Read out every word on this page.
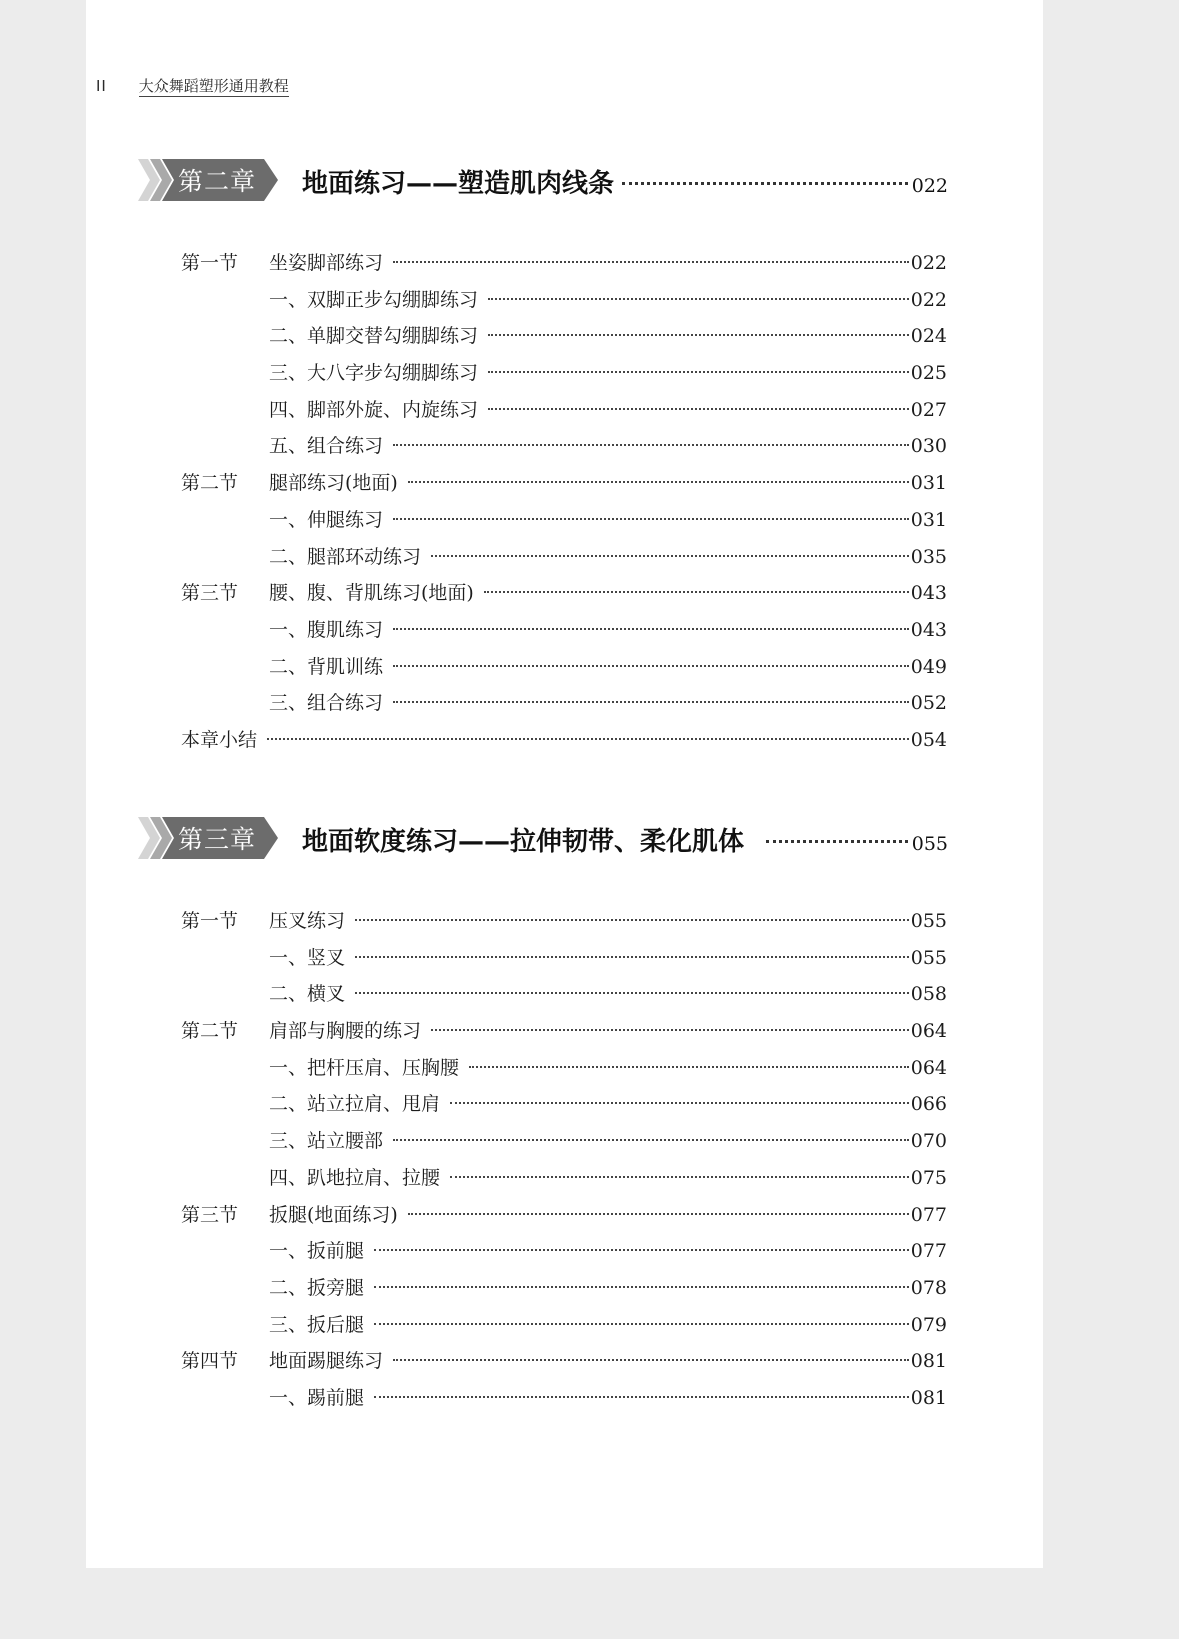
II 大众舞蹈塑形通用教程
第二章 地面练习——塑造肌肉线条	022
第一节	坐姿脚部练习	022
一、双脚正步勾绷脚练习	022
二、单脚交替勾绷脚练习	024
三、大八字步勾绷脚练习	025
四、脚部外旋、内旋练习	027
五、组合练习	030
第二节	腿部练习(地面)	031
一、伸腿练习	031
二、腿部环动练习	035
第三节	腰、腹、背肌练习(地面)	043
一、腹肌练习	043
二、背肌训练	049
三、组合练习	052
本章小结	054
第三章 地面软度练习——拉伸韧带、柔化肌体	055
第一节	压叉练习	055
一、竖叉	055
二、横叉	058
第二节	肩部与胸腰的练习	064
一、把杆压肩、压胸腰	064
二、站立拉肩、甩肩	066
三、站立腰部	070
四、趴地拉肩、拉腰	075
第三节	扳腿(地面练习)	077
一、扳前腿	077
二、扳旁腿	078
三、扳后腿	079
第四节	地面踢腿练习	081
一、踢前腿	081
